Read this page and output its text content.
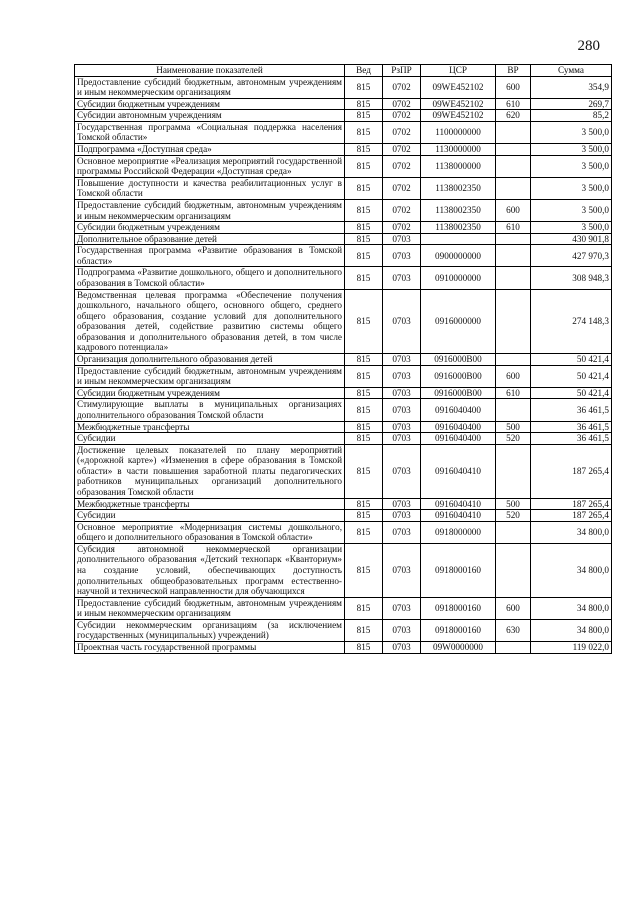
280
Наименование показателей	Вед	РзПР	ЦСР	ВР	Сумма
Предоставление субсидий бюджетным, автономным учреждениям и иным некоммерческим организациям	815	0702	09WE452102	600	354,9
Субсидии бюджетным учреждениям	815	0702	09WE452102	610	269,7
Субсидии автономным учреждениям	815	0702	09WE452102	620	85,2
Государственная программа «Социальная поддержка населения Томской области»	815	0702	1100000000		3 500,0
Подпрограмма «Доступная среда»	815	0702	1130000000		3 500,0
Основное мероприятие «Реализация мероприятий государственной программы Российской Федерации «Доступная среда»	815	0702	1138000000		3 500,0
Повышение доступности и качества реабилитационных услуг в Томской области	815	0702	1138002350		3 500,0
Предоставление субсидий бюджетным, автономным учреждениям и иным некоммерческим организациям	815	0702	1138002350	600	3 500,0
Субсидии бюджетным учреждениям	815	0702	1138002350	610	3 500,0
Дополнительное образование детей	815	0703			430 901,8
Государственная программа «Развитие образования в Томской области»	815	0703	0900000000		427 970,3
Подпрограмма «Развитие дошкольного, общего и дополнительного образования в Томской области»	815	0703	0910000000		308 948,3
Ведомственная целевая программа «Обеспечение получения дошкольного, начального общего, основного общего, среднего общего образования, создание условий для дополнительного образования детей, содействие развитию системы общего образования и дополнительного образования детей, в том числе кадрового потенциала»	815	0703	0916000000		274 148,3
Организация дополнительного образования детей	815	0703	0916000В00		50 421,4
Предоставление субсидий бюджетным, автономным учреждениям и иным некоммерческим организациям	815	0703	0916000В00	600	50 421,4
Субсидии бюджетным учреждениям	815	0703	0916000В00	610	50 421,4
Стимулирующие выплаты в муниципальных организациях дополнительного образования Томской области	815	0703	0916040400		36 461,5
Межбюджетные трансферты	815	0703	0916040400	500	36 461,5
Субсидии	815	0703	0916040400	520	36 461,5
Достижение целевых показателей по плану мероприятий («дорожной карте») «Изменения в сфере образования в Томской области» в части повышения заработной платы педагогических работников муниципальных организаций дополнительного образования Томской области	815	0703	0916040410		187 265,4
Межбюджетные трансферты	815	0703	0916040410	500	187 265,4
Субсидии	815	0703	0916040410	520	187 265,4
Основное мероприятие «Модернизация системы дошкольного, общего и дополнительного образования в Томской области»	815	0703	0918000000		34 800,0
Субсидия автономной некоммерческой организации дополнительного образования «Детский технопарк «Кванториум» на создание условий, обеспечивающих доступность дополнительных общеобразовательных программ естественно-научной и технической направленности для обучающихся	815	0703	0918000160		34 800,0
Предоставление субсидий бюджетным, автономным учреждениям и иным некоммерческим организациям	815	0703	0918000160	600	34 800,0
Субсидии некоммерческим организациям (за исключением государственных (муниципальных) учреждений)	815	0703	0918000160	630	34 800,0
Проектная часть государственной программы	815	0703	09W0000000		119 022,0
